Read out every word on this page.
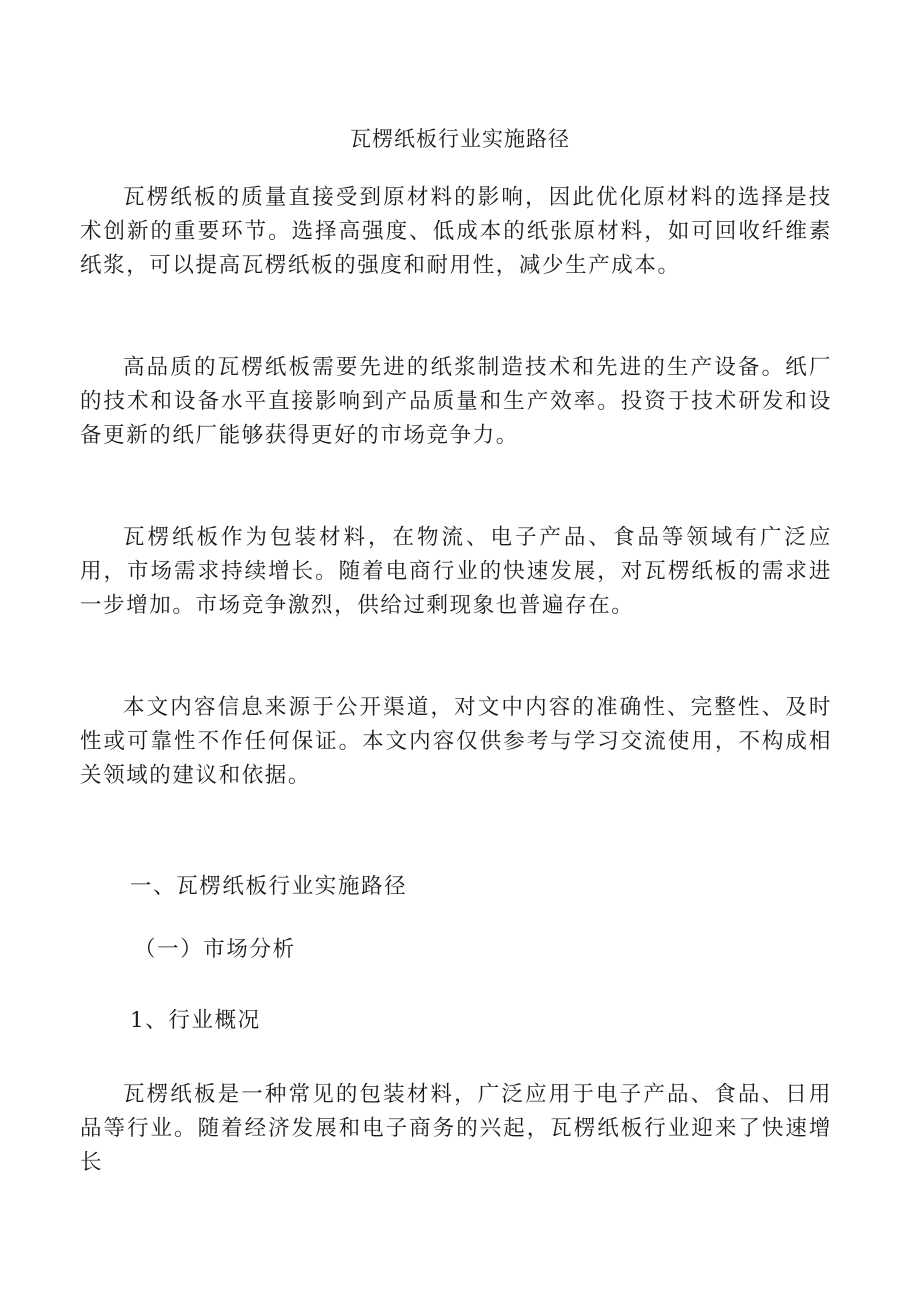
瓦楞纸板行业实施路径

瓦楞纸板的质量直接受到原材料的影响，因此优化原材料的选择是技术创新的重要环节。选择高强度、低成本的纸张原材料，如可回收纤维素纸浆，可以提高瓦楞纸板的强度和耐用性，减少生产成本。

高品质的瓦楞纸板需要先进的纸浆制造技术和先进的生产设备。纸厂的技术和设备水平直接影响到产品质量和生产效率。投资于技术研发和设备更新的纸厂能够获得更好的市场竞争力。

瓦楞纸板作为包装材料，在物流、电子产品、食品等领域有广泛应用，市场需求持续增长。随着电商行业的快速发展，对瓦楞纸板的需求进一步增加。市场竞争激烈，供给过剩现象也普遍存在。

本文内容信息来源于公开渠道，对文中内容的准确性、完整性、及时性或可靠性不作任何保证。本文内容仅供参考与学习交流使用，不构成相关领域的建议和依据。

一、瓦楞纸板行业实施路径
（一）市场分析
1、行业概况

瓦楞纸板是一种常见的包装材料，广泛应用于电子产品、食品、日用品等行业。随着经济发展和电子商务的兴起，瓦楞纸板行业迎来了快速增长
